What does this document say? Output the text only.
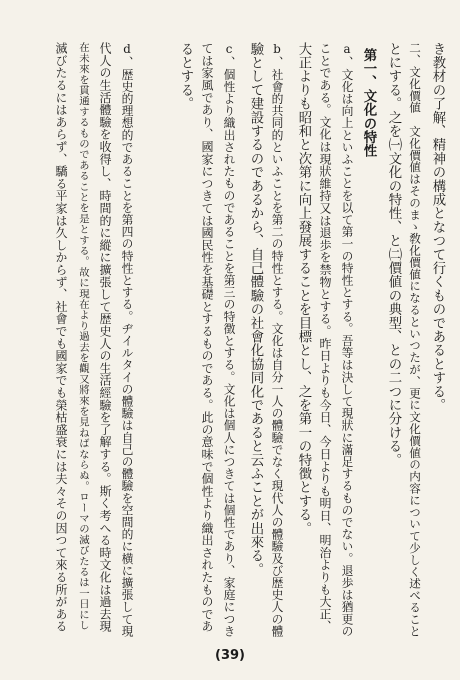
き教材の了解、精神の構成となつて行くものであるとする。
二、文化價値　文化價値はそのまゝ敎化價値になるといつたが、更に文化價値の内容について少しく述べること
とにする。之を㈠文化の特性、と㈡價値の典型、との二つに分ける。
第一、文化の特性
a、文化は向上といふことを以て第一の特性とする。吾等は決して現狀に滿足するものでない。退歩は猶更の
ことである。文化は現狀維持又は退歩を禁物とする。昨日よりも今日、今日よりも明日、明治よりも大正、
大正よりも昭和と次第に向上發展することを目標とし、之を第一の特徴とする。
b、社會的共同的といふことを第二の特性とする。文化は自分一人の體驗でなく現代人の體驗及び歴史人の體
驗として建設するのであるから、自己體驗の社會化協同化であると云ふことが出來る。
c、個性より織出されたものであることを第三の特徴とする。文化は個人につきては個性であり、家庭につき
ては家風であり、國家につきては國民性を基礎とするものである。此の意味で個性より織出されたものであ
るとする。
d、歴史的理想的であることを第四の特性とする。ヂイルタイの體驗は自己の體驗を空間的に横に擴張して現
代人の生活體驗を收得し、時間的に縱に擴張して歴史人の生活經驗を了解する。斯く考へる時文化は過去現
在未來を貫通するものであることを是とする。故に現在より過去を觀又將來を見ねばならぬ。ローマの滅びたるは一日にし
滅びたるにはあらず、驕る平家は久しからず、社會でも國家でも榮枯盛衰には夫々その因つて來る所がある
(39)
